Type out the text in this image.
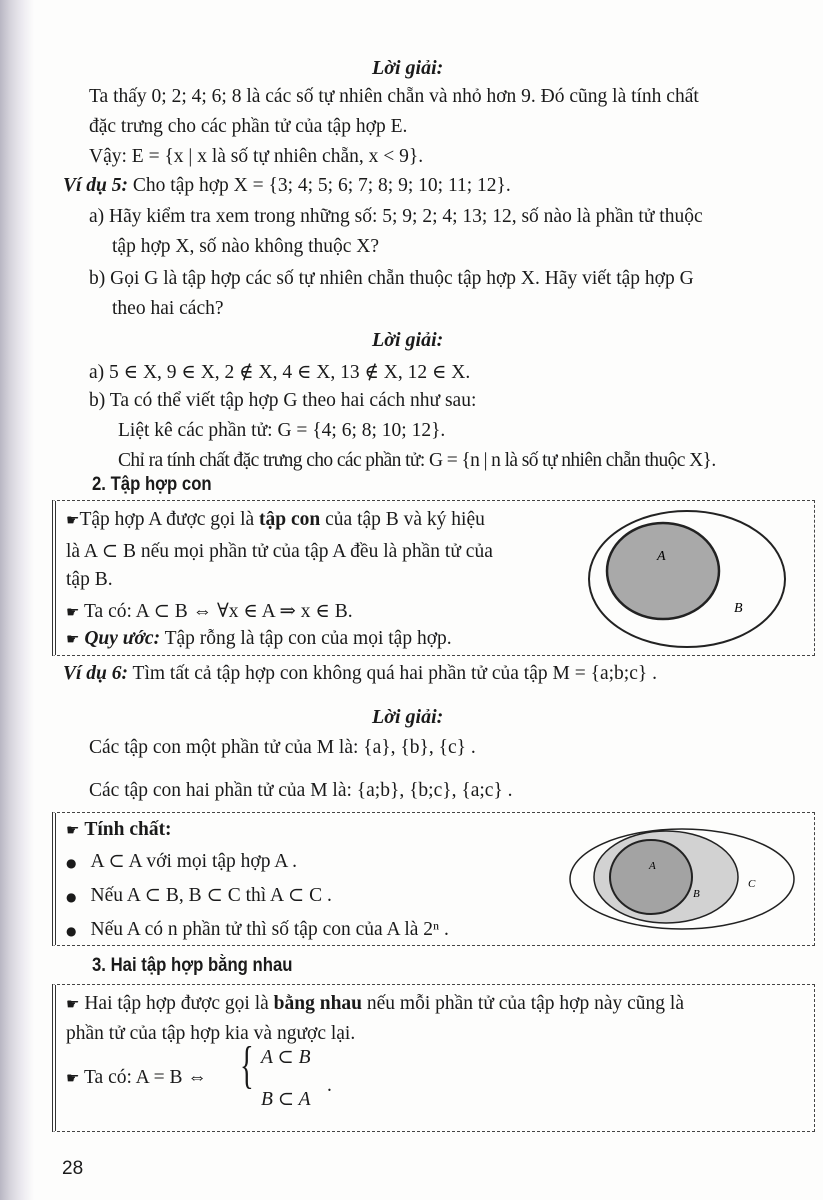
Lời giải:
Ta thấy 0; 2; 4; 6; 8 là các số tự nhiên chẵn và nhỏ hơn 9. Đó cũng là tính chất
đặc trưng cho các phần tử của tập hợp E.
Vậy: E = {x | x là số tự nhiên chẵn, x < 9}.
Ví dụ 5: Cho tập hợp X = {3; 4; 5; 6; 7; 8; 9; 10; 11; 12}.
a) Hãy kiểm tra xem trong những số: 5; 9; 2; 4; 13; 12, số nào là phần tử thuộc
tập hợp X, số nào không thuộc X?
b) Gọi G là tập hợp các số tự nhiên chẵn thuộc tập hợp X. Hãy viết tập hợp G
theo hai cách?
Lời giải:
a) 5 ∈ X, 9 ∈ X, 2 ∉ X, 4 ∈ X, 13 ∉ X, 12 ∈ X.
b) Ta có thể viết tập hợp G theo hai cách như sau:
Liệt kê các phần tử: G = {4; 6; 8; 10; 12}.
Chỉ ra tính chất đặc trưng cho các phần tử: G = {n | n là số tự nhiên chẵn thuộc X}.
2. Tập hợp con
☛Tập hợp A được gọi là tập con của tập B và ký hiệu
là A ⊂ B nếu mọi phần tử của tập A đều là phần tử của
tập B.
☛ Ta có: A ⊂ B ⇔ ∀x ∈ A ⇒ x ∈ B.
☛ Quy ước: Tập rỗng là tập con của mọi tập hợp.
A
B
Ví dụ 6: Tìm tất cả tập hợp con không quá hai phần tử của tập M = {a;b;c} .
Lời giải:
Các tập con một phần tử của M là: {a}, {b}, {c} .
Các tập con hai phần tử của M là: {a;b}, {b;c}, {a;c} .
☛ Tính chất:
● A ⊂ A với mọi tập hợp A .
● Nếu A ⊂ B, B ⊂ C thì A ⊂ C .
● Nếu A có n phần tử thì số tập con của A là 2ⁿ .
A
B
C
3. Hai tập hợp bằng nhau
☛ Hai tập hợp được gọi là bằng nhau nếu mỗi phần tử của tập hợp này cũng là
phần tử của tập hợp kia và ngược lại.
☛ Ta có: A = B ⇔ { A ⊂ B
B ⊂ A
.
28
